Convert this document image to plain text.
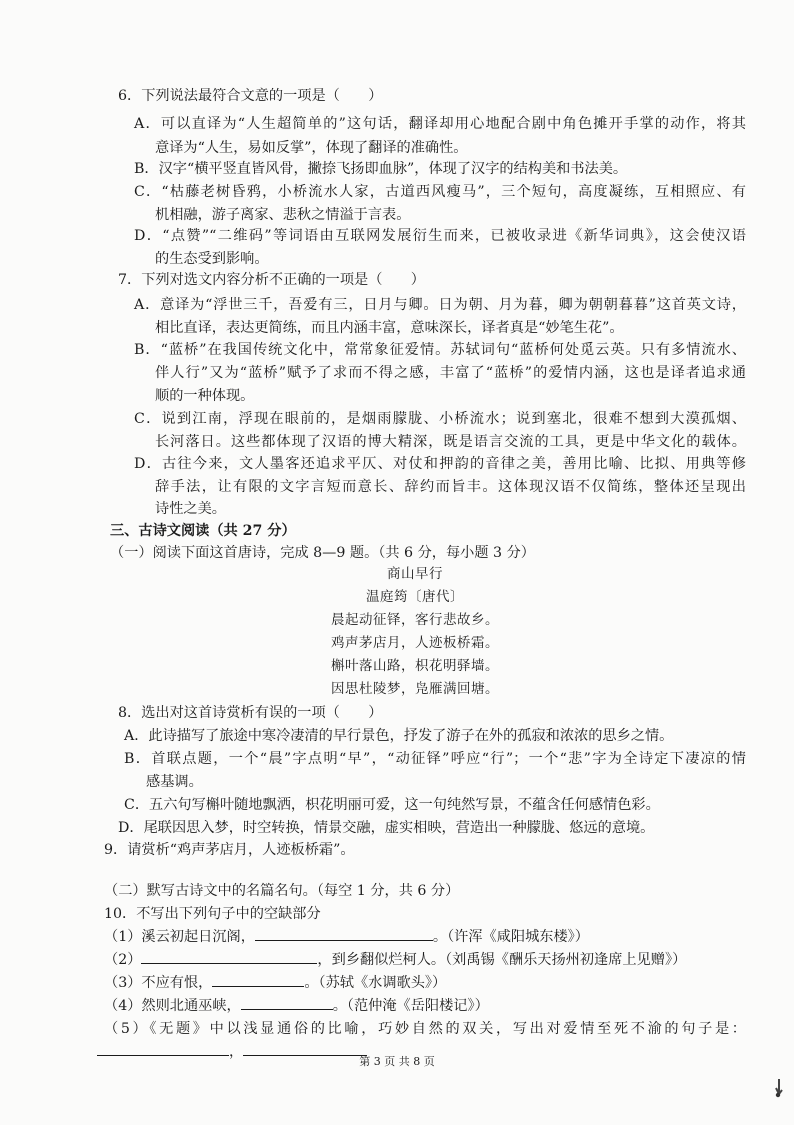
6．下列说法最符合文意的一项是（　　）
A．可以直译为“人生超简单的”这句话，翻译却用心地配合剧中角色摊开手掌的动作，将其
意译为“人生，易如反掌”，体现了翻译的准确性。
B．汉字“横平竖直皆风骨，撇捺飞扬即血脉”，体现了汉字的结构美和书法美。
C．“枯藤老树昏鸦，小桥流水人家，古道西风瘦马”，三个短句，高度凝练，互相照应、有
机相融，游子离家、悲秋之情溢于言表。
D．“点赞”“二维码”等词语由互联网发展衍生而来，已被收录进《新华词典》，这会使汉语
的生态受到影响。
7．下列对选文内容分析不正确的一项是（　　）
A．意译为“浮世三千，吾爱有三，日月与卿。日为朝、月为暮，卿为朝朝暮暮”这首英文诗，
相比直译，表达更简练，而且内涵丰富，意味深长，译者真是“妙笔生花”。
B．“蓝桥”在我国传统文化中，常常象征爱情。苏轼词句“蓝桥何处觅云英。只有多情流水、
伴人行”又为“蓝桥”赋予了求而不得之感，丰富了“蓝桥”的爱情内涵，这也是译者追求通
顺的一种体现。
C．说到江南，浮现在眼前的，是烟雨朦胧、小桥流水；说到塞北，很难不想到大漠孤烟、
长河落日。这些都体现了汉语的博大精深，既是语言交流的工具，更是中华文化的载体。
D．古往今来，文人墨客还追求平仄、对仗和押韵的音律之美，善用比喻、比拟、用典等修
辞手法，让有限的文字言短而意长、辞约而旨丰。这体现汉语不仅简练，整体还呈现出
诗性之美。
三、古诗文阅读（共 27 分）
（一）阅读下面这首唐诗，完成 8—9 题。（共 6 分，每小题 3 分）
商山早行
温庭筠〔唐代〕
晨起动征铎，客行悲故乡。
鸡声茅店月，人迹板桥霜。
槲叶落山路，枳花明驿墙。
因思杜陵梦，凫雁满回塘。
8．选出对这首诗赏析有误的一项（　　）
A．此诗描写了旅途中寒冷凄清的早行景色，抒发了游子在外的孤寂和浓浓的思乡之情。
B．首联点题，一个“晨”字点明“早”，“动征铎”呼应“行”；一个“悲”字为全诗定下凄凉的情
感基调。
C．五六句写槲叶随地飘洒，枳花明丽可爱，这一句纯然写景，不蕴含任何感情色彩。
D．尾联因思入梦，时空转换，情景交融，虚实相映，营造出一种朦胧、悠远的意境。
9．请赏析“鸡声茅店月，人迹板桥霜”。
（二）默写古诗文中的名篇名句。（每空 1 分，共 6 分）
10．不写出下列句子中的空缺部分
（1）溪云初起日沉阁，	。（许浑《咸阳城东楼》）
（2）	，到乡翻似烂柯人。（刘禹锡《酬乐天扬州初逢席上见赠》）
（3）不应有恨，	。（苏轼《水调歌头》）
（4）然则北通巫峡，	。（范仲淹《岳阳楼记》）
（5）《无题》中以浅显通俗的比喻，巧妙自然的双关，写出对爱情至死不渝的句子是：
，
第 3 页 共 8 页
